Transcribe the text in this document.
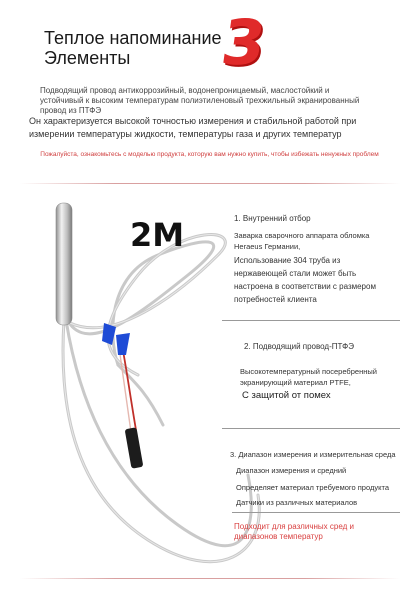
Теплое напоминание
Элементы	3
Подводящий провод антикоррозийный, водонепроницаемый, маслостойкий и устойчивый к высоким температурам полиэтиленовый трехжильный экранированный провод из ПТФЭ
Он характеризуется высокой точностью измерения и стабильной работой при измерении температуры жидкости, температуры газа и других температур
Пожалуйста, ознакомьтесь с моделью продукта, которую вам нужно купить, чтобы избежать ненужных проблем
2M	1. Внутренний отбор
Заварка сварочного аппарата обломка Heraeus Германии,
Использование 304 труба из нержавеющей стали может быть настроена в соответствии с размером потребностей клиента
2. Подводящий провод-ПТФЭ
Высокотемпературный посеребренный экранирующий материал PTFE,
С защитой от помех
3. Диапазон измерения и измерительная среда
Диапазон измерения и средний
Определяет материал требуемого продукта
Датчики из различных материалов
Подходит для различных сред и диапазонов температур
